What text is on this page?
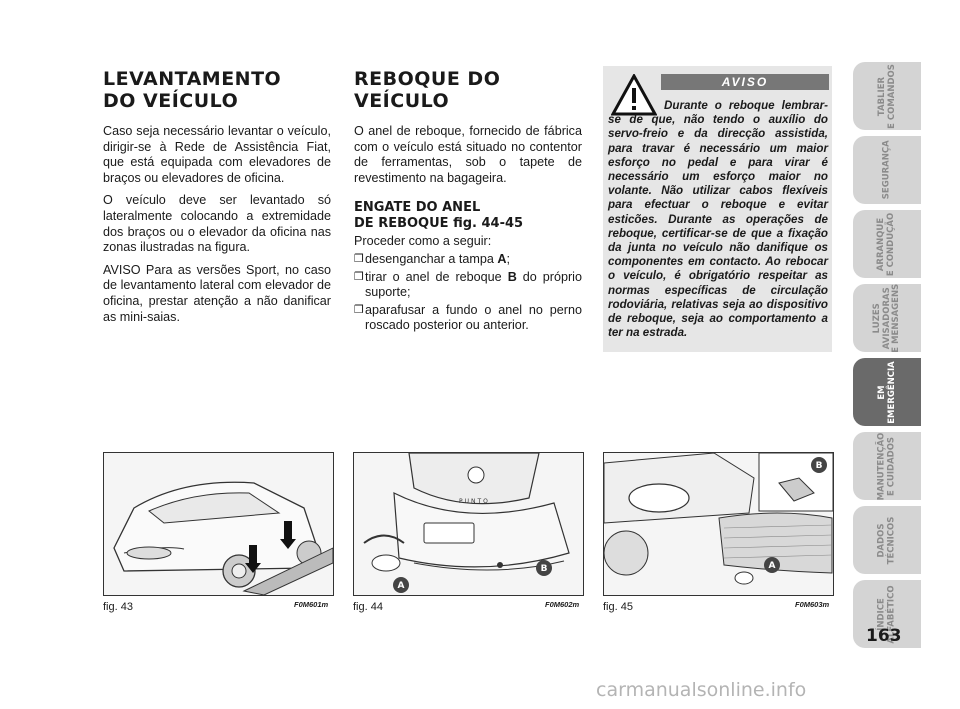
LEVANTAMENTO
DO VEÍCULO

Caso seja necessário levantar o veículo, dirigir-se à Rede de Assistência Fiat, que está equipada com elevadores de braços ou elevadores de oficina.

O veículo deve ser levantado só lateralmente colocando a extremidade dos braços ou o elevador da oficina nas zonas ilustradas na figura.

AVISO Para as versões Sport, no caso de levantamento lateral com elevador de oficina, prestar atenção a não danificar as mini-saias.

REBOQUE DO VEÍCULO

O anel de reboque, fornecido de fábrica com o veículo está situado no contentor de ferramentas, sob o tapete de revestimento na bagageira.

ENGATE DO ANEL
DE REBOQUE fig. 44-45
Proceder como a seguir:
❒ desenganchar a tampa A;
❒ tirar o anel de reboque B do próprio suporte;
❒ aparafusar a fundo o anel no perno roscado posterior ou anterior.
AVISO
Durante o reboque lembrar-se de que, não tendo o auxílio do servo-freio e da direcção assistida, para travar é necessário um maior esforço no pedal e para virar é necessário um esforço maior no volante. Não utilizar cabos flexíveis para efectuar o reboque e evitar esticões. Durante as operações de reboque, certificar-se de que a fixação da junta no veículo não danifique os componentes em contacto. Ao rebocar o veículo, é obrigatório respeitar as normas específicas de circulação rodoviária, relativas seja ao dispositivo de reboque, seja ao comportamento a ter na estrada.
TABLIER
E COMANDOS
SEGURANÇA
ARRANQUE
E CONDUÇÃO
LUZES
AVISADORAS
E MENSAGENS
EM
EMERGÊNCIA
MANUTENÇÃO
E CUIDADOS
DADOS
TÉCNICOS
ÍNDICE
ALFABÉTICO
fig. 43	F0M601m
PUNTO
A
B
fig. 44	F0M602m
B
A
fig. 45	F0M603m
163
carmanualsonline.info
